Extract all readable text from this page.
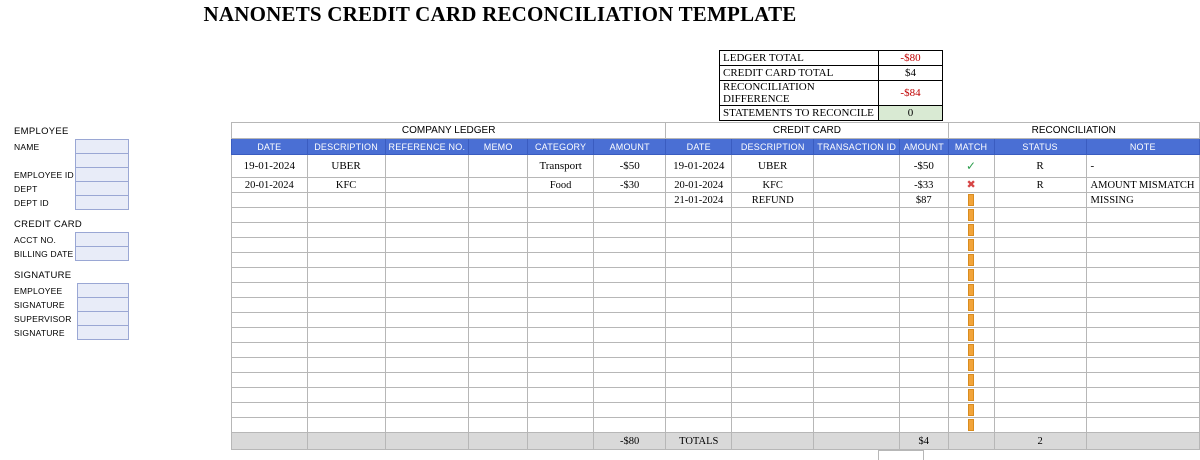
NANONETS CREDIT CARD RECONCILIATION TEMPLATE
LEDGER TOTAL	-$80
CREDIT CARD TOTAL	$4
RECONCILIATION DIFFERENCE	-$84
STATEMENTS TO RECONCILE	0
EMPLOYEE
NAME	

EMPLOYEE ID	
DEPT	
DEPT ID	
CREDIT CARD
ACCT NO.	
BILLING DATE	
SIGNATURE
EMPLOYEE	
SIGNATURE	
SUPERVISOR	
SIGNATURE	
COMPANY LEDGER						CREDIT CARD				RECONCILIATION		
DATE	DESCRIPTION	REFERENCE NO.	MEMO	CATEGORY	AMOUNT	DATE	DESCRIPTION	TRANSACTION ID	AMOUNT	MATCH	STATUS	NOTE
19-01-2024	UBER			Transport	-$50	19-01-2024	UBER		-$50	✓	R	-
20-01-2024	KFC			Food	-$30	20-01-2024	KFC		-$33	✖	R	AMOUNT MISMATCH
						21-01-2024	REFUND		$87			MISSING

					-$80	TOTALS			$4		2	
